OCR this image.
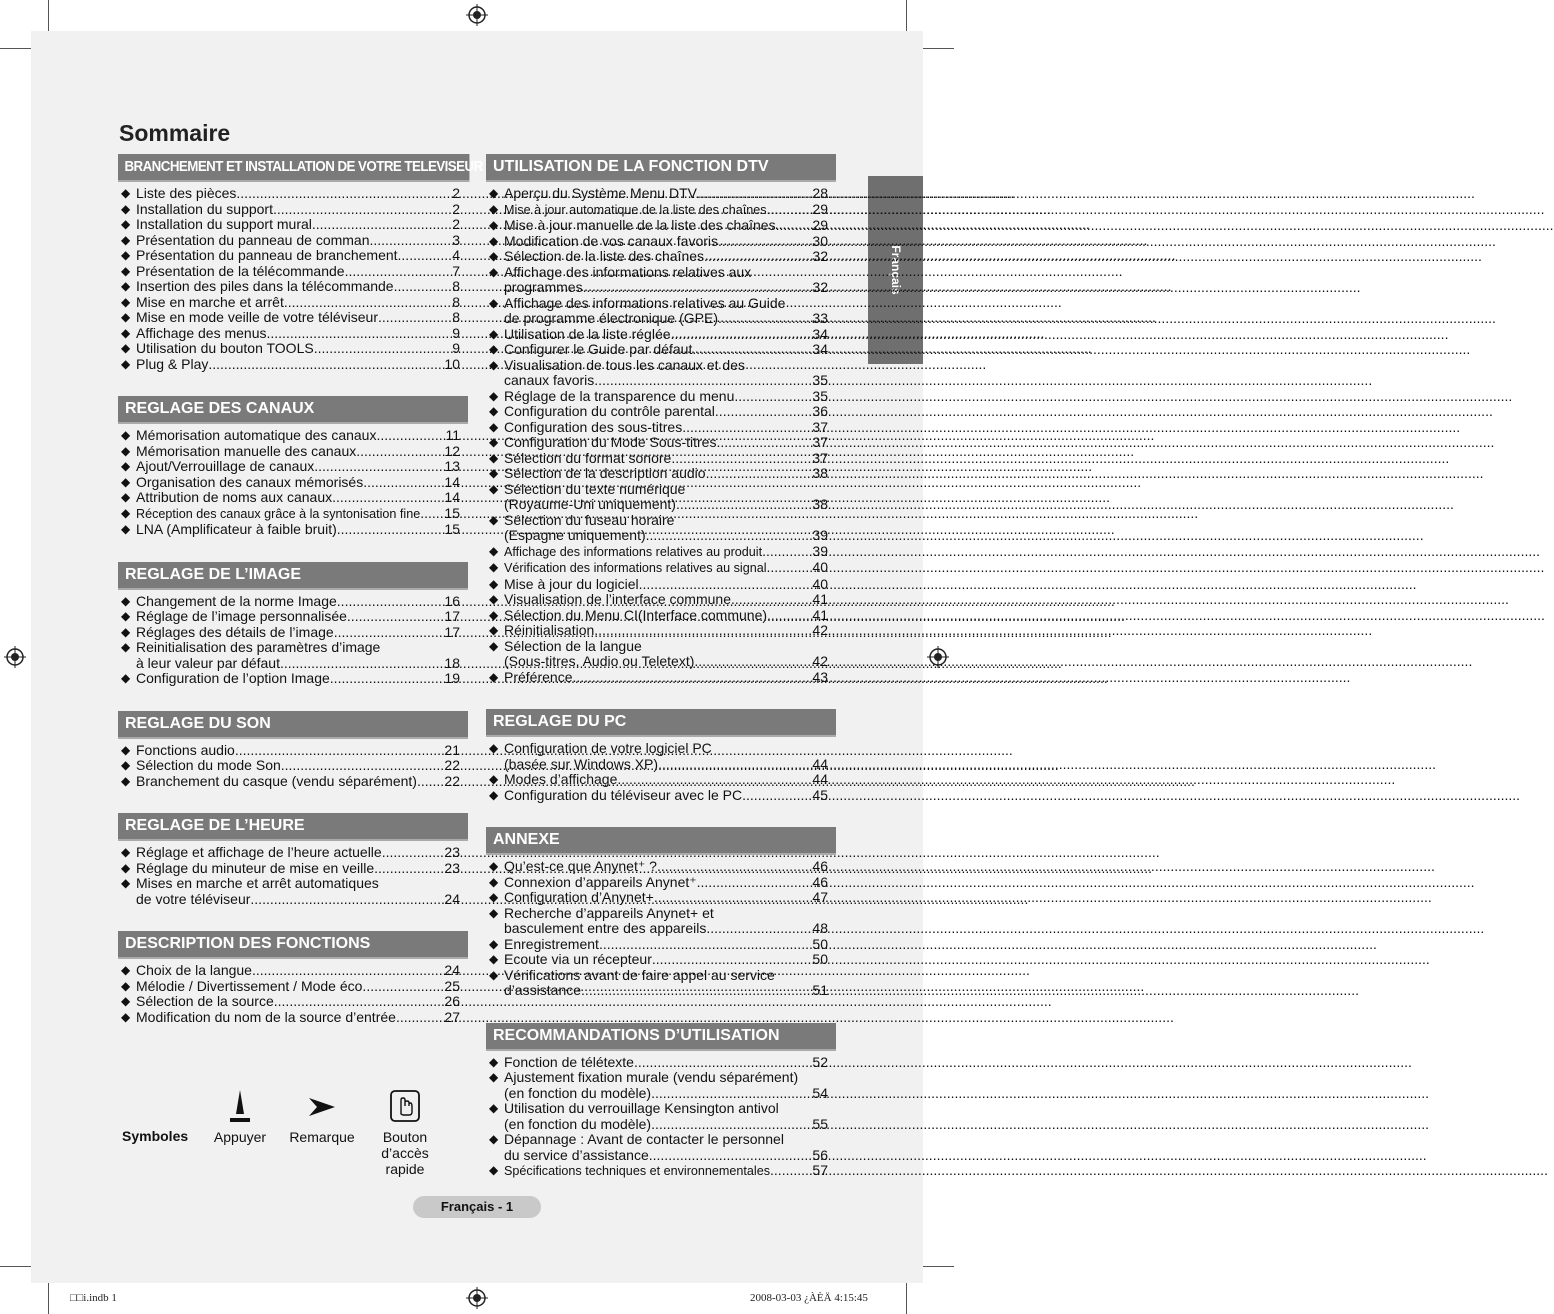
Sommaire
Français
BRANCHEMENT ET INSTALLATION DE VOTRE TELEVISEUR
◆ Liste des pièces .....	2
◆ Installation du support .....	2
◆ Installation du support mural .....	2
◆ Présentation du panneau de comman .....	3
◆ Présentation du panneau de branchement .....	4
◆ Présentation de la télécommande .....	7
◆ Insertion des piles dans la télécommande .....	8
◆ Mise en marche et arrêt .....	8
◆ Mise en mode veille de votre téléviseur .....	8
◆ Affichage des menus .....	9
◆ Utilisation du bouton TOOLS .....	9
◆ Plug & Play .....	10
REGLAGE DES CANAUX
◆ Mémorisation automatique des canaux .....	11
◆ Mémorisation manuelle des canaux .....	12
◆ Ajout/Verrouillage de canaux .....	13
◆ Organisation des canaux mémorisés .....	14
◆ Attribution de noms aux canaux .....	14
◆ Réception des canaux grâce à la syntonisation fine ..... 15
◆ LNA (Amplificateur à faible bruit) .....	15
REGLAGE DE L’IMAGE
◆ Changement de la norme Image .....	16
◆ Réglage de l’image personnalisée .....	17
◆ Réglages des détails de l’image .....	17
◆ Reinitialisation des paramètres d’image
à leur valeur par défaut. .....	18
◆ Configuration de l’option Image .....	19
REGLAGE DU SON
◆ Fonctions audio .....	21
◆ Sélection du mode Son .....	22
◆ Branchement du casque (vendu séparément) ..... 22
REGLAGE DE L’HEURE
◆ Réglage et affichage de l’heure actuelle .....	23
◆ Réglage du minuteur de mise en veille .....	23
◆ Mises en marche et arrêt automatiques
de votre téléviseur .....	24
DESCRIPTION DES FONCTIONS
◆ Choix de la langue .....	24
◆ Mélodie / Divertissement / Mode éco. .....	25
◆ Sélection de la source .....	26
◆ Modification du nom de la source d’entrée .....	27
UTILISATION DE LA FONCTION DTV
◆ Aperçu du Système Menu DTV .....	28
◆ Mise à jour automatique de la liste des chaînes .....	29
◆ Mise à jour manuelle de la liste des chaînes .....	29
◆ Modification de vos canaux favoris .....	30
◆ Sélection de la liste des chaînes .....	32
◆ Affichage des informations relatives aux
programmes .....	32
◆ Affichage des informations relatives au Guide
de programme électronique (GPE) .....	33
◆ Utilisation de la liste réglée .....	34
◆ Configurer le Guide par défaut .....	34
◆ Visualisation de tous les canaux et des
canaux favoris .....	35
◆ Réglage de la transparence du menu .....	35
◆ Configuration du contrôle parental .....	36
◆ Configuration des sous-titres .....	37
◆ Configuration du Mode Sous-titres .....	37
◆ Sélection du format sonore .....	37
◆ Sélection de la description audio .....	38
◆ Sélection du texte numérique
(Royaume-Uni uniquement) .....	38
◆ Sélection du fuseau horaire
(Espagne uniquement) .....	39
◆ Affichage des informations relatives au produit .....	39
◆ Vérification des informations relatives au signal .....	40
◆ Mise à jour du logiciel .....	40
◆ Visualisation de l’interface commune .....	41
◆ Sélection du Menu CI(Interface commune) .....	41
◆ Réinitialisation .....	42
◆ Sélection de la langue
(Sous-titres, Audio ou Teletext) .....	42
◆ Préférence .....	43
REGLAGE DU PC
◆ Configuration de votre logiciel PC
(basée sur Windows XP) .....	44
◆ Modes d’affichage .....	44
◆ Configuration du téléviseur avec le PC .....	45
ANNEXE
◆ Qu’est-ce que Anynet⁺ ? .....	46
◆ Connexion d’appareils Anynet⁺ .....	46
◆ Configuration d’Anynet+ .....	47
◆ Recherche d’appareils Anynet+ et
basculement entre des appareils .....	48
◆ Enregistrement .....	50
◆ Ecoute via un récepteur .....	50
◆ Vérifications avant de faire appel au service
d’assistance .....	51
RECOMMANDATIONS D’UTILISATION
◆ Fonction de télétexte .....	52
◆ Ajustement fixation murale (vendu séparément)
(en fonction du modèle) .....	54
◆ Utilisation du verrouillage Kensington antivol
(en fonction du modèle) .....	55
◆ Dépannage : Avant de contacter le personnel
du service d’assistance .....	56
◆ Spécifications techniques et environnementales .....	57
Symboles Appuyer	Remarque	Bouton
d’accès
rapide
Français - 1
□□i.indb 1	2008-03-03 ¿ÀÈÄ 4:15:45
